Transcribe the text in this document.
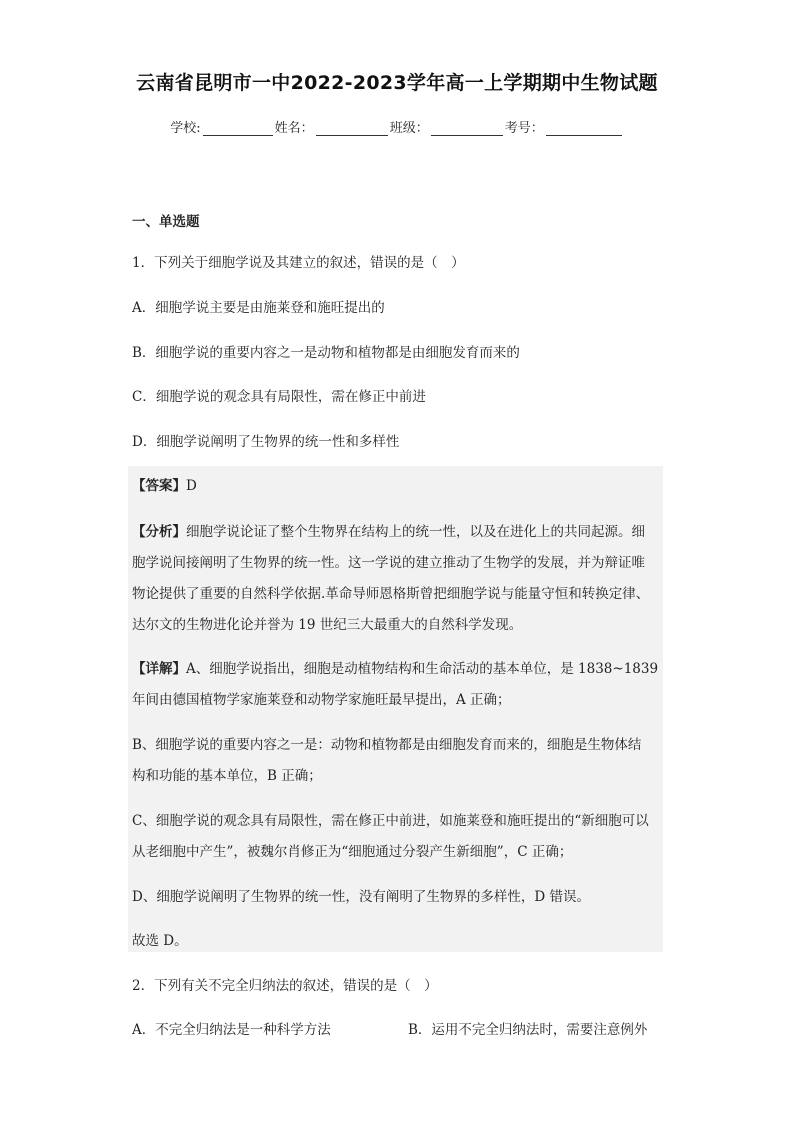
云南省昆明市一中2022-2023学年高一上学期期中生物试题
学校:	姓名：	班级：	考号：
一、单选题
1．下列关于细胞学说及其建立的叙述，错误的是（　）
A．细胞学说主要是由施莱登和施旺提出的
B．细胞学说的重要内容之一是动物和植物都是由细胞发育而来的
C．细胞学说的观念具有局限性，需在修正中前进
D．细胞学说阐明了生物界的统一性和多样性
【答案】D
【分析】细胞学说论证了整个生物界在结构上的统一性，以及在进化上的共同起源。细
胞学说间接阐明了生物界的统一性。这一学说的建立推动了生物学的发展，并为辩证唯
物论提供了重要的自然科学依据.革命导师恩格斯曾把细胞学说与能量守恒和转换定律、
达尔文的生物进化论并誉为 19 世纪三大最重大的自然科学发现。
【详解】A、细胞学说指出，细胞是动植物结构和生命活动的基本单位，是 1838~1839
年间由德国植物学家施莱登和动物学家施旺最早提出，A 正确；
B、细胞学说的重要内容之一是：动物和植物都是由细胞发育而来的，细胞是生物体结
构和功能的基本单位，B 正确；
C、细胞学说的观念具有局限性，需在修正中前进，如施莱登和施旺提出的“新细胞可以
从老细胞中产生”，被魏尔肖修正为“细胞通过分裂产生新细胞”，C 正确；
D、细胞学说阐明了生物界的统一性，没有阐明了生物界的多样性，D 错误。
故选 D。
2．下列有关不完全归纳法的叙述，错误的是（　）
A．不完全归纳法是一种科学方法	B．运用不完全归纳法时，需要注意例外
